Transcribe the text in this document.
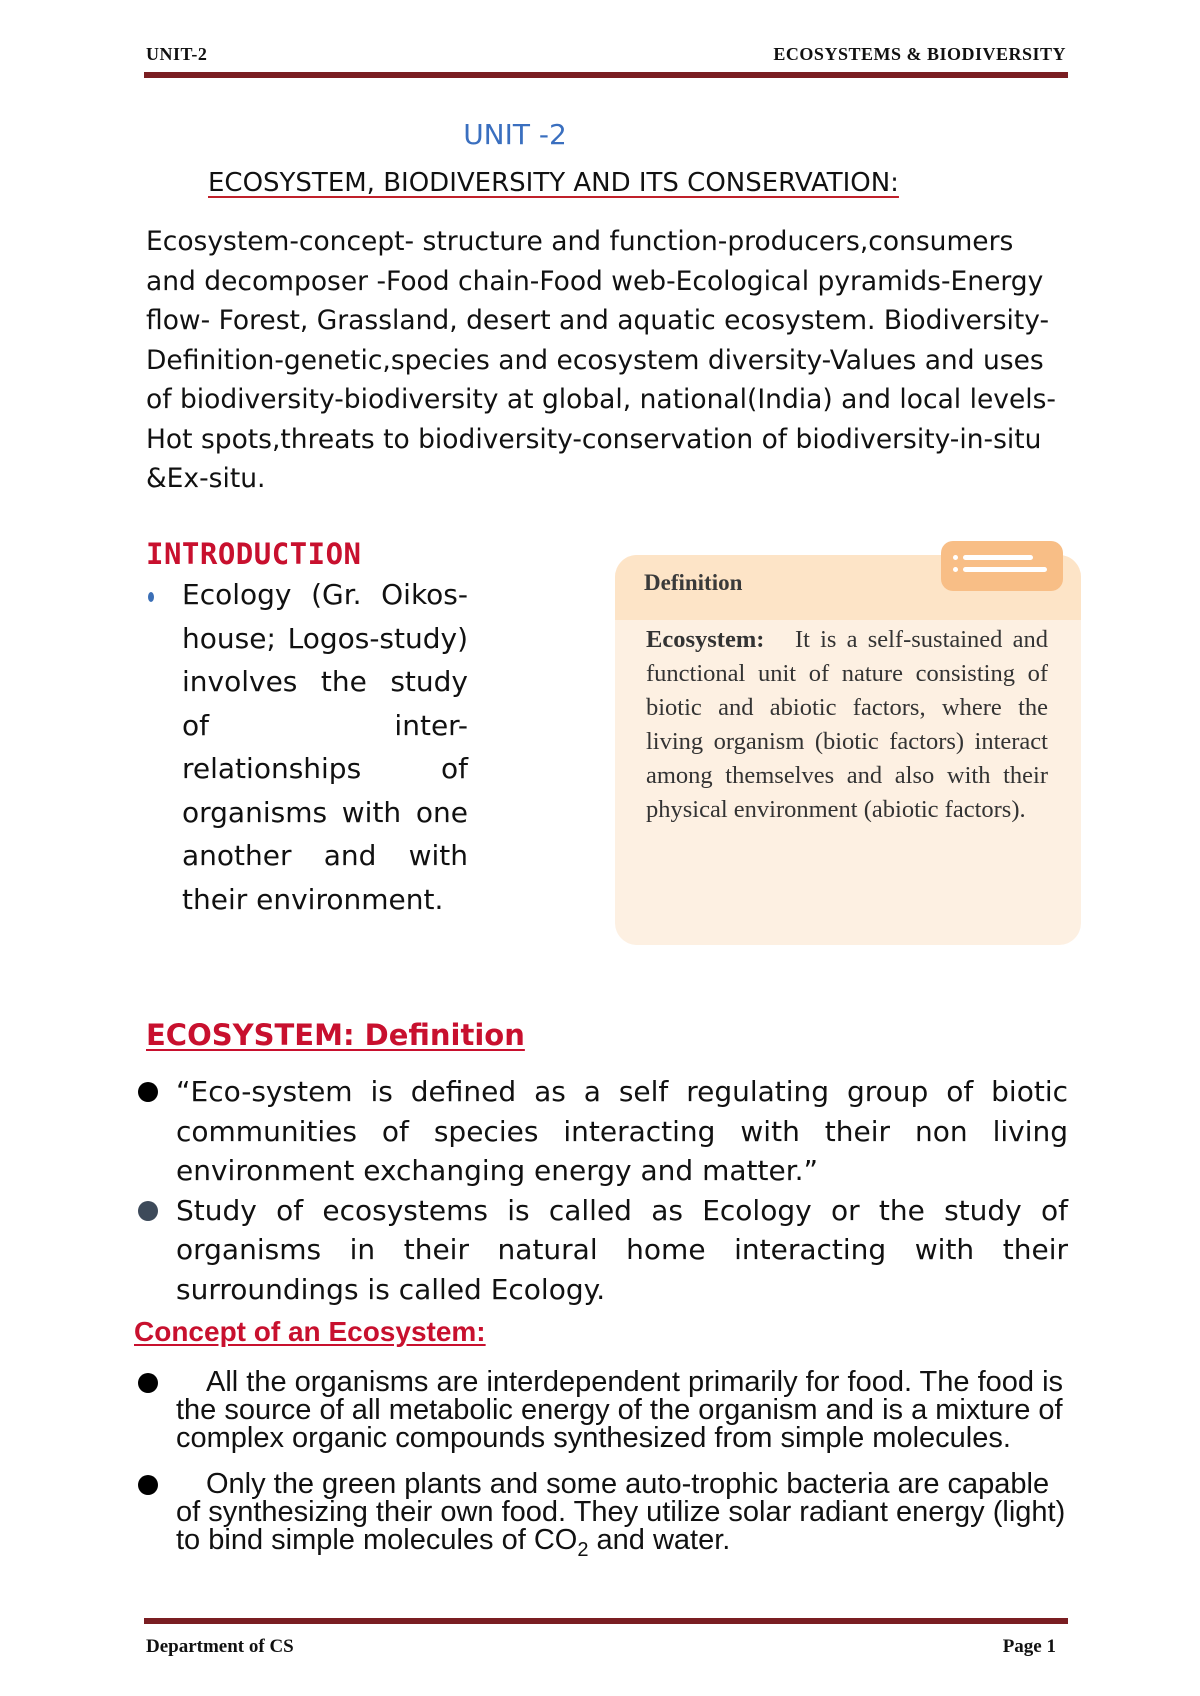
UNIT-2	ECOSYSTEMS & BIODIVERSITY
UNIT -2
ECOSYSTEM, BIODIVERSITY AND ITS CONSERVATION:
Ecosystem-concept- structure and function-producers,consumers and decomposer -Food chain-Food web-Ecological pyramids-Energy flow- Forest, Grassland, desert and aquatic ecosystem. Biodiversity-Definition-genetic,species and ecosystem diversity-Values and uses of biodiversity-biodiversity at global, national(India) and local levels- Hot spots,threats to biodiversity-conservation of biodiversity-in-situ &Ex-situ.
INTRODUCTION
Ecology (Gr. Oikos-house; Logos-study) involves the study of inter-relationships of organisms with one another and with their environment.
Definition
Ecosystem: It is a self-sustained and functional unit of nature consisting of biotic and abiotic factors, where the living organism (biotic factors) interact among themselves and also with their physical environment (abiotic factors).
ECOSYSTEM: Definition
“Eco-system is defined as a self regulating group of biotic communities of species interacting with their non living environment exchanging energy and matter.”
Study of ecosystems is called as Ecology or the study of organisms in their natural home interacting with their surroundings is called Ecology.
Concept of an Ecosystem:
All the organisms are interdependent primarily for food. The food is the source of all metabolic energy of the organism and is a mixture of complex organic compounds synthesized from simple molecules.
Only the green plants and some auto-trophic bacteria are capable of synthesizing their own food. They utilize solar radiant energy (light) to bind simple molecules of $CO_2$ and water.
Department of CS	Page 1
